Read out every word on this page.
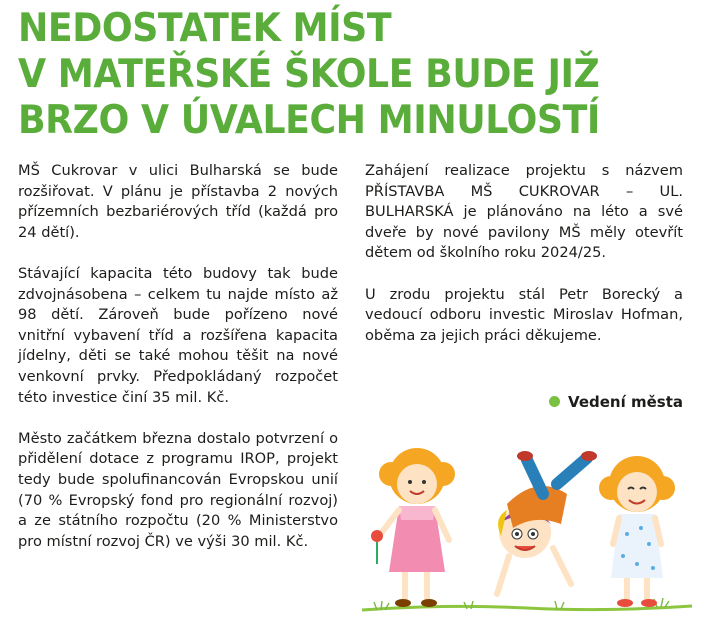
NEDOSTATEK MÍST
V MATEŘSKÉ ŠKOLE BUDE JIŽ
BRZO V ÚVALECH MINULOSTÍ

MŠ Cukrovar v ulici Bulharská se bude rozšiřovat. V plánu je přístavba 2 nových přízemních bezbariérových tříd (každá pro 24 dětí).

Stávající kapacita této budovy tak bude zdvojnásobena – celkem tu najde místo až 98 dětí. Zároveň bude pořízeno nové vnitřní vybavení tříd a rozšířena kapacita jídelny, děti se také mohou těšit na nové venkovní prvky. Předpokládaný rozpočet této investice činí 35 mil. Kč.

Město začátkem března dostalo potvrzení o přidělení dotace z programu IROP, projekt tedy bude spolufinancován Evropskou unií (70 % Evropský fond pro regionální rozvoj) a ze státního rozpočtu (20 % Ministerstvo pro místní rozvoj ČR) ve výši 30 mil. Kč.

Zahájení realizace projektu s názvem PŘÍSTAVBA MŠ CUKROVAR – UL. BULHARSKÁ je plánováno na léto a své dveře by nové pavilony MŠ měly otevřít dětem od školního roku 2024/25.

U zrodu projektu stál Petr Borecký a vedoucí odboru investic Miroslav Hofman, oběma za jejich práci děkujeme.

Vedení města
